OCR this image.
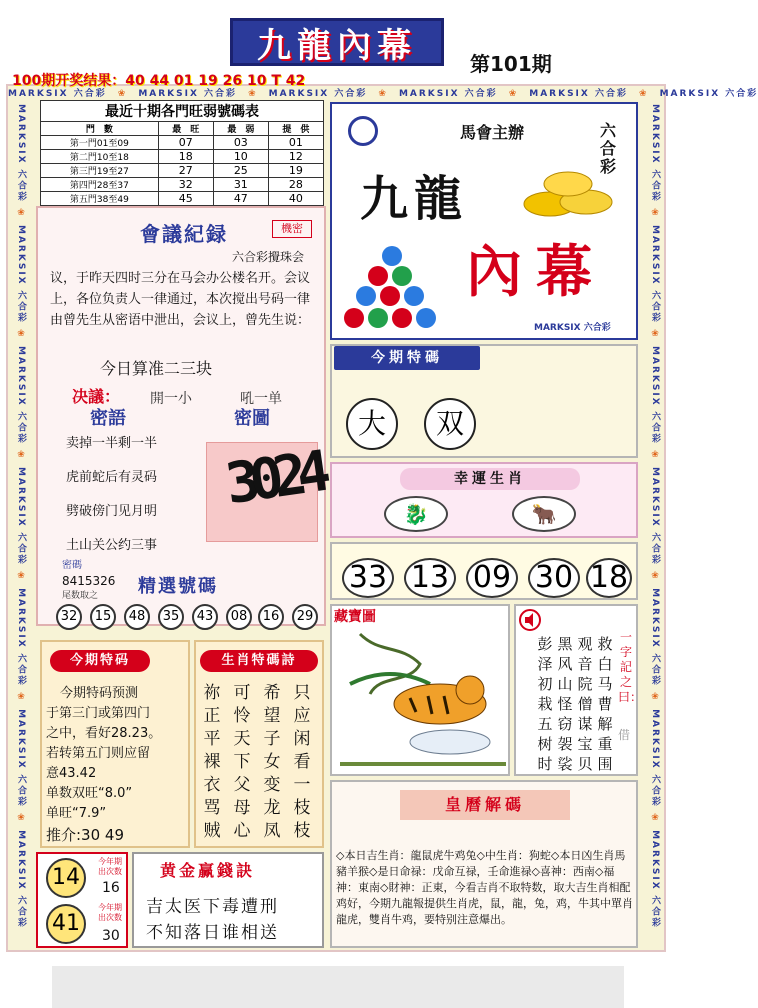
九龍內幕	第101期
100期开奖结果：40 44 01 19 26 10 T 42
MARKSIX 六合彩　 ❀　 MARKSIX 六合彩　 ❀　 MARKSIX 六合彩　 ❀　 MARKSIX 六合彩　 ❀　 MARKSIX 六合彩　 ❀　 MARKSIX 六合彩
MARKSIX 六合彩 ❀ MARKSIX 六合彩 ❀ MARKSIX 六合彩 ❀ MARKSIX 六合彩 ❀ MARKSIX 六合彩 ❀ MARKSIX 六合彩 ❀ MARKSIX 六合彩
MARKSIX 六合彩 ❀ MARKSIX 六合彩 ❀ MARKSIX 六合彩 ❀ MARKSIX 六合彩 ❀ MARKSIX 六合彩 ❀ MARKSIX 六合彩 ❀ MARKSIX 六合彩
最近十期各門旺弱號碼表			
門　數	最　旺	最　弱	提　供
第一門01至09	07	03	01
第二門10至18	18	10	12
第三門19至27	27	25	19
第四門28至37	32	31	28
第五門38至49	45	47	40
會議紀録	機密
六合彩攪珠会
议，于昨天四时三分在马会办公楼名开。会议上，各位负责人一律通过，本次搅出号码一律由曾先生从密语中泄出，会议上，曾先生说：
今日算准二三块
决議： 開一小	吼一单
密語	密圖
卖掉一半剩一半
虎前蛇后有灵码
劈破傍门见月明
土山关公约三事
3024
密碼
8415326
尾数取之 精選號碼
32	15	48	35	43	08	16	29
馬會主辦	六合彩
九龍
內幕
MARKSIX 六合彩
今期特碼
大	双
幸運生肖
🐉	🐂
33 13 09 30 18
今期特码
今期特码预测
于第三门或第四门
之中，看好28.23。
若转第五门则应留
意43.42
单数双旺“8.0”
单旺“7.9”
推介:30 49
生肖特碼詩
祢正平裸衣骂贼
可怜天下父母心
希望子女变龙凤
只应闲看一枝枝
藏寶圖
彭泽初栽五树时
黑风山怪窃袈裟
观音院僧谋宝贝
救白马曹解重围
一字記之曰：
借
皇曆解碼
◇本日吉生肖：龍鼠虎牛鸡兔◇中生肖：狗蛇◇本日凶生肖馬豬羊猴◇是日命禄：戊命互禄，壬命進禄◇喜神：西南◇福神：東南◇財神：正東，今看吉肖不取特数，取大吉生肖相配鸡好，今期九龍報提供生肖虎，鼠，龍，兔，鸡，牛其中單肖龍虎，雙肖牛鸡，要特别注意爆出。
14
今年期
出次数
16
41
今年期
出次数
30
黄金赢錢訣
吉太医下毒遭刑
不知落日谁相送
